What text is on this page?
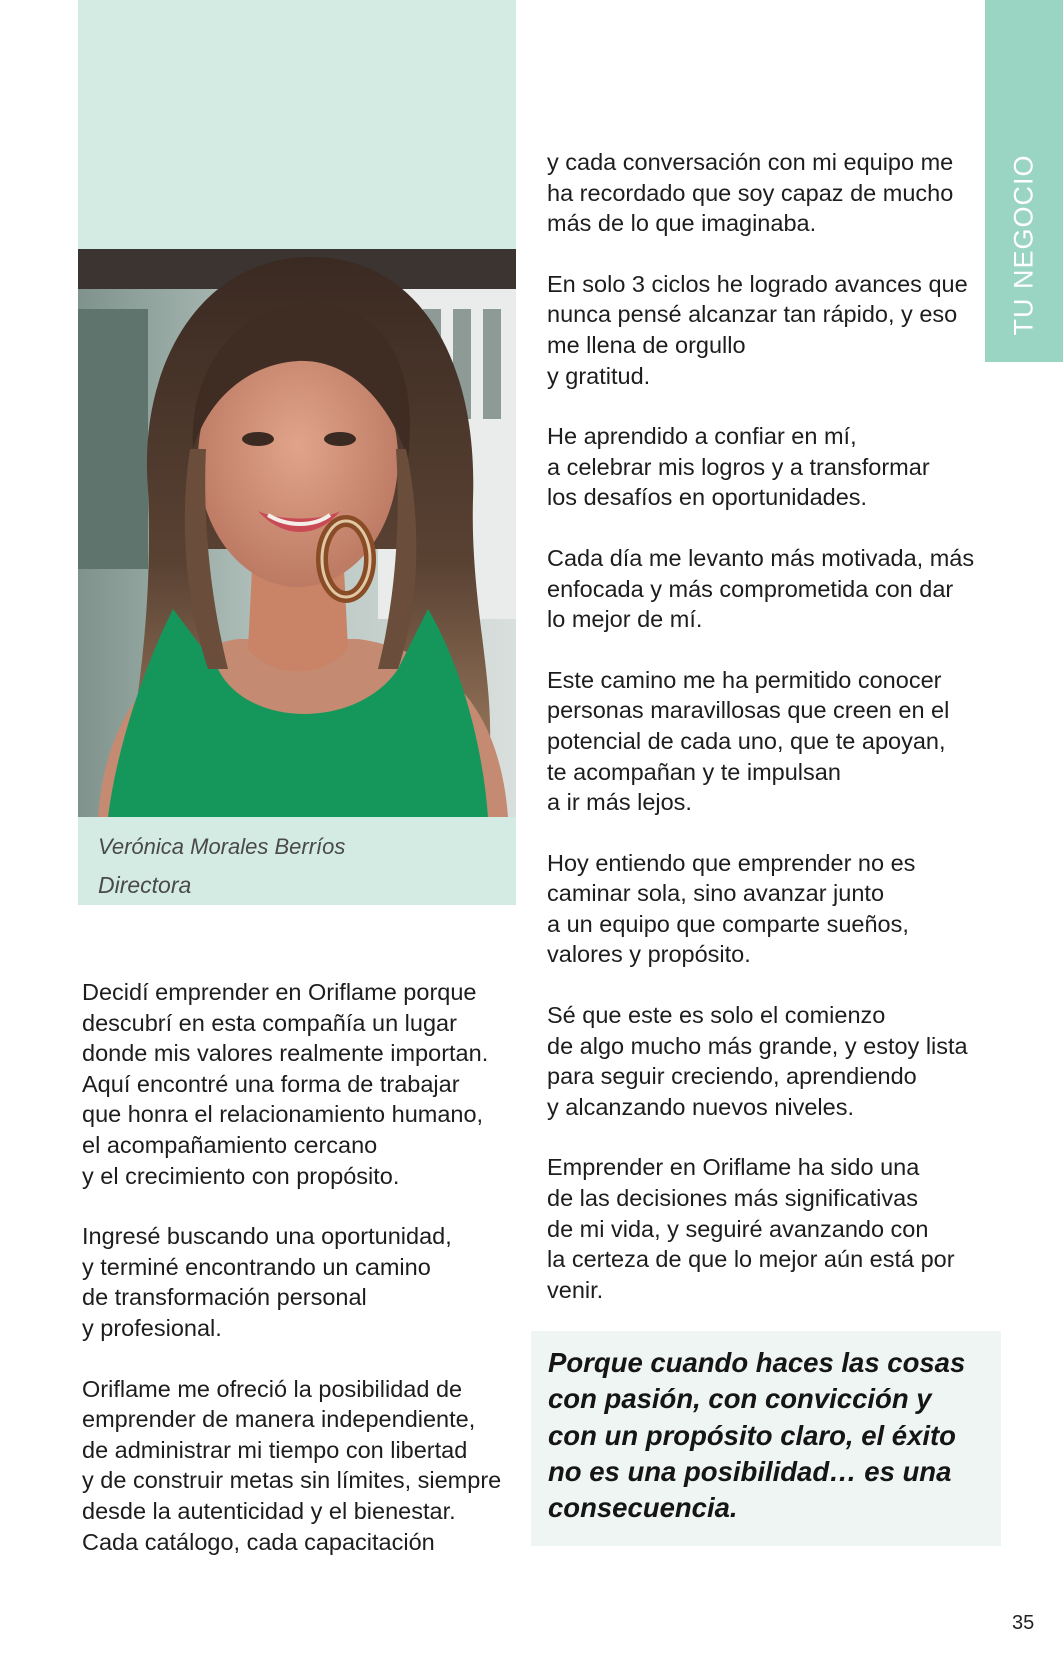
Verónica Morales Berríos
Directora
TU NEGOCIO

Decidí emprender en Oriflame porque
descubrí en esta compañía un lugar
donde mis valores realmente importan.
Aquí encontré una forma de trabajar
que honra el relacionamiento humano,
el acompañamiento cercano
y el crecimiento con propósito.

Ingresé buscando una oportunidad,
y terminé encontrando un camino
de transformación personal
y profesional.

Oriflame me ofreció la posibilidad de
emprender de manera independiente,
de administrar mi tiempo con libertad
y de construir metas sin límites, siempre
desde la autenticidad y el bienestar.
Cada catálogo, cada capacitación

y cada conversación con mi equipo me
ha recordado que soy capaz de mucho
más de lo que imaginaba.

En solo 3 ciclos he logrado avances que
nunca pensé alcanzar tan rápido, y eso
me llena de orgullo
y gratitud.

He aprendido a confiar en mí,
a celebrar mis logros y a transformar
los desafíos en oportunidades.

Cada día me levanto más motivada, más
enfocada y más comprometida con dar
lo mejor de mí.

Este camino me ha permitido conocer
personas maravillosas que creen en el
potencial de cada uno, que te apoyan,
te acompañan y te impulsan
a ir más lejos.

Hoy entiendo que emprender no es
caminar sola, sino avanzar junto
a un equipo que comparte sueños,
valores y propósito.

Sé que este es solo el comienzo
de algo mucho más grande, y estoy lista
para seguir creciendo, aprendiendo
y alcanzando nuevos niveles.

Emprender en Oriflame ha sido una
de las decisiones más significativas
de mi vida, y seguiré avanzando con
la certeza de que lo mejor aún está por
venir.

Porque cuando haces las cosas
con pasión, con convicción y
con un propósito claro, el éxito
no es una posibilidad… es una
consecuencia.

35
